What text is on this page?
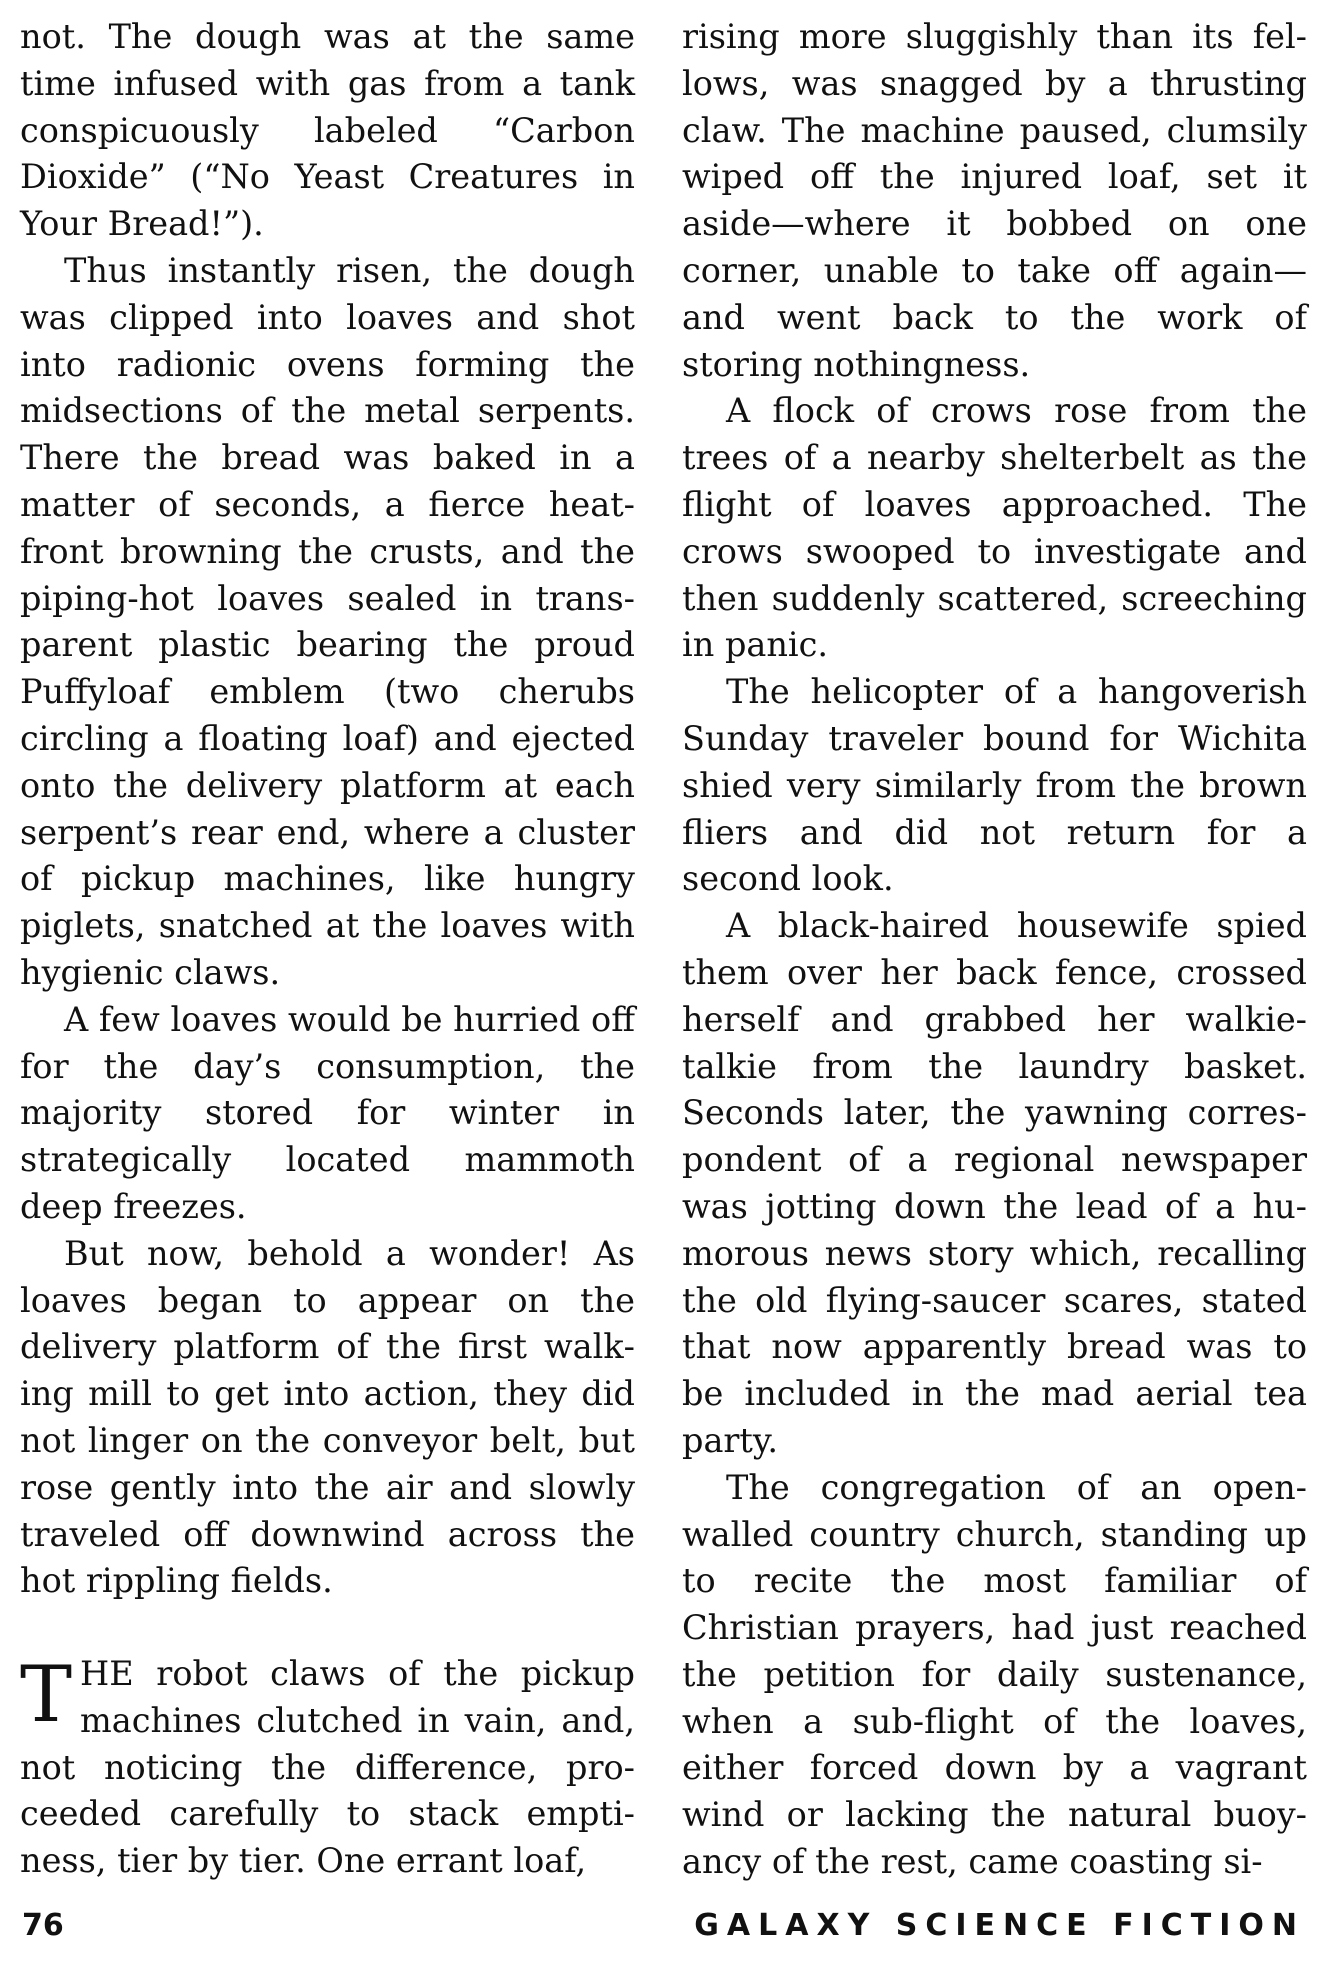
not. The dough was at the same time infused with gas from a tank conspicuously labeled “Carbon Dioxide” (“No Yeast Creatures in Your Bread!”).

Thus instantly risen, the dough was clipped into loaves and shot into radionic ovens forming the midsections of the metal serpents. There the bread was baked in a matter of seconds, a fierce heat-front browning the crusts, and the piping-hot loaves sealed in transparent plastic bearing the proud Puffyloaf emblem (two cherubs circling a floating loaf) and ejected onto the delivery platform at each serpent’s rear end, where a cluster of pickup machines, like hungry piglets, snatched at the loaves with hygienic claws.

A few loaves would be hurried off for the day’s consumption, the majority stored for winter in strategically located mammoth deep freezes.

But now, behold a wonder! As loaves began to appear on the delivery platform of the first walking mill to get into action, they did not linger on the conveyor belt, but rose gently into the air and slowly traveled off downwind across the hot rippling fields.

THE robot claws of the pickup machines clutched in vain, and, not noticing the difference, proceeded carefully to stack emptiness, tier by tier. One errant loaf,

rising more sluggishly than its fellows, was snagged by a thrusting claw. The machine paused, clumsily wiped off the injured loaf, set it aside—where it bobbed on one corner, unable to take off again—and went back to the work of storing nothingness.

A flock of crows rose from the trees of a nearby shelterbelt as the flight of loaves approached. The crows swooped to investigate and then suddenly scattered, screeching in panic.

The helicopter of a hangoverish Sunday traveler bound for Wichita shied very similarly from the brown fliers and did not return for a second look.

A black-haired housewife spied them over her back fence, crossed herself and grabbed her walkie-talkie from the laundry basket. Seconds later, the yawning correspondent of a regional newspaper was jotting down the lead of a humorous news story which, recalling the old flying-saucer scares, stated that now apparently bread was to be included in the mad aerial tea party.

The congregation of an open-walled country church, standing up to recite the most familiar of Christian prayers, had just reached the petition for daily sustenance, when a sub-flight of the loaves, either forced down by a vagrant wind or lacking the natural buoyancy of the rest, came coasting si-

76	GALAXY SCIENCE FICTION
